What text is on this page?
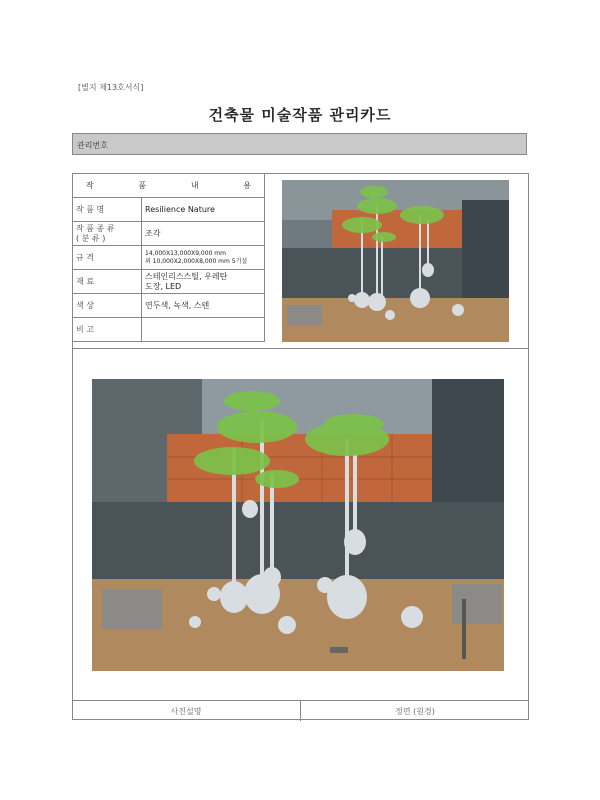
[별지 제13호서식]
건축물 미술작품 관리카드
관리번호
작 품 내 용	

작 품 명	Resilience Nature

작 품 종 류
( 분 류 )	조각
규 격	14,000X13,000X9,000 mm
외 10,000X2,000X8,000 mm 5기설

재 료	스테인리스스틸, 우레탄
도장, LED

색 상	연두색, 녹색, 스텐
비 고	
사진설명	정면 (원경)
